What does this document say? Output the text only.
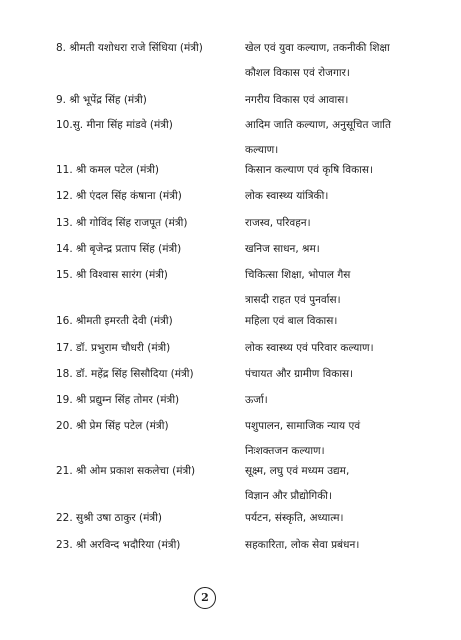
8. श्रीमती यशोधरा राजे सिंधिया (मंत्री)	खेल एवं युवा कल्याण, तकनीकी शिक्षा
कौशल विकास एवं रोजगार।
9. श्री भूपेंद्र सिंह (मंत्री)	नगरीय विकास एवं आवास।
10.सु. मीना सिंह मांडवे (मंत्री)	आदिम जाति कल्याण, अनुसूचित जाति
कल्याण।
11. श्री कमल पटेल (मंत्री)	किसान कल्याण एवं कृषि विकास।
12. श्री एंदल सिंह कंषाना (मंत्री)	लोक स्वास्थ्य यांत्रिकी।
13. श्री गोविंद सिंह राजपूत (मंत्री)	राजस्व, परिवहन।
14. श्री बृजेन्द्र प्रताप सिंह (मंत्री)	खनिज साधन, श्रम।
15. श्री विश्वास सारंग (मंत्री)	चिकित्सा शिक्षा, भोपाल गैस
त्रासदी राहत एवं पुनर्वास।
16. श्रीमती इमरती देवी (मंत्री)	महिला एवं बाल विकास।
17. डॉ. प्रभुराम चौधरी (मंत्री)	लोक स्वास्थ्य एवं परिवार कल्याण।
18. डॉ. महेंद्र सिंह सिसौदिया (मंत्री)	पंचायत और ग्रामीण विकास।
19. श्री प्रद्युम्न सिंह तोमर (मंत्री)	ऊर्जा।
20. श्री प्रेम सिंह पटेल (मंत्री)	पशुपालन, सामाजिक न्याय एवं
निःशक्तजन कल्याण।
21. श्री ओम प्रकाश सकलेचा (मंत्री)	सूक्ष्म, लघु एवं मध्यम उद्यम,
विज्ञान और प्रौद्योगिकी।
22. सुश्री उषा ठाकुर (मंत्री)	पर्यटन, संस्कृति, अध्यात्म।
23. श्री अरविन्द भदौरिया (मंत्री)	सहकारिता, लोक सेवा प्रबंधन।
2
